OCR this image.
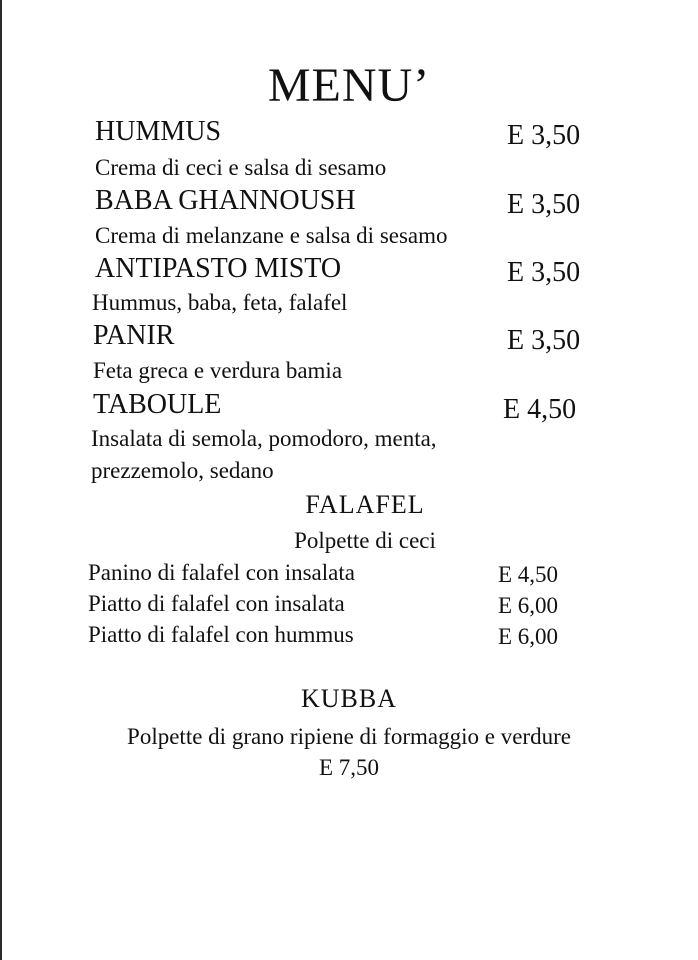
MENU’
HUMMUS	E 3,50
Crema di ceci e salsa di sesamo
BABA GHANNOUSH	E 3,50
Crema di melanzane e salsa di sesamo
ANTIPASTO MISTO	E 3,50
Hummus, baba, feta, falafel
PANIR	E 3,50
Feta greca e verdura bamia
TABOULE	E 4,50
Insalata di semola, pomodoro, menta,
prezzemolo, sedano
FALAFEL
Polpette di ceci
Panino di falafel con insalata	E 4,50
Piatto di falafel con insalata	E 6,00
Piatto di falafel con hummus	E 6,00
KUBBA
Polpette di grano ripiene di formaggio e verdure
E 7,50
